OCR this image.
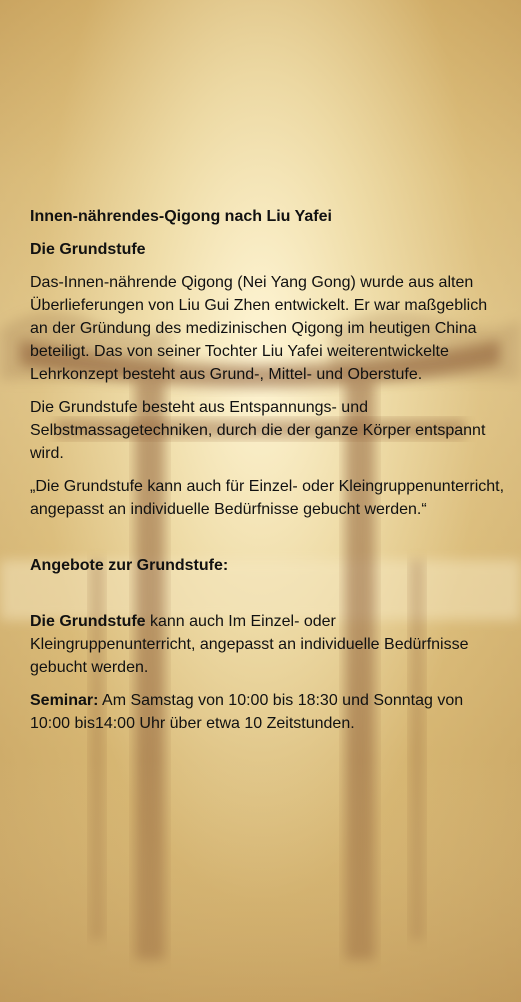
Innen-nährendes-Qigong nach Liu Yafei
Die Grundstufe

Das-Innen-nährende Qigong (Nei Yang Gong) wurde aus alten Überlieferungen von Liu Gui Zhen entwickelt. Er war maßgeblich an der Gründung des medizinischen Qigong im heutigen China beteiligt. Das von seiner Tochter Liu Yafei weiterentwickelte Lehrkonzept besteht aus Grund-, Mittel- und Oberstufe.

Die Grundstufe besteht aus Entspannungs- und Selbstmassagetechniken, durch die der ganze Körper entspannt wird.

„Die Grundstufe kann auch für Einzel- oder Kleingruppenunterricht, angepasst an individuelle Bedürfnisse gebucht werden.“

Angebote zur Grundstufe:

Die Grundstufe kann auch Im Einzel- oder Kleingruppenunterricht, angepasst an individuelle Bedürfnisse gebucht werden.

Seminar: Am Samstag von 10:00 bis 18:30 und Sonntag von 10:00 bis14:00 Uhr über etwa 10 Zeitstunden.
